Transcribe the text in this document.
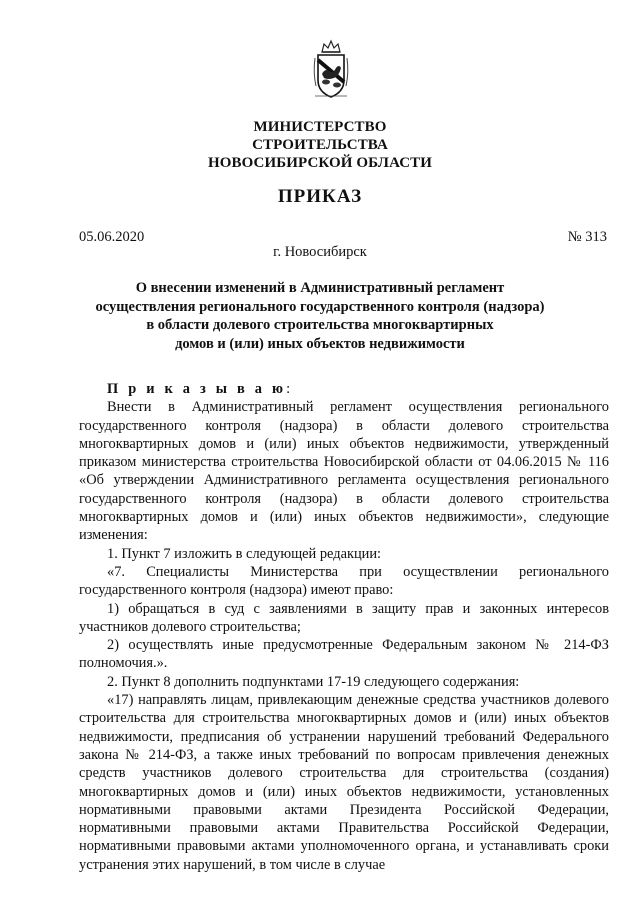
МИНИСТЕРСТВО
СТРОИТЕЛЬСТВА
НОВОСИБИРСКОЙ ОБЛАСТИ
ПРИКАЗ
05.06.2020	№ 313
г. Новосибирск
О внесении изменений в Административный регламент
осуществления регионального государственного контроля (надзора)
в области долевого строительства многоквартирных
домов и (или) иных объектов недвижимости

П р и к а з ы в а ю:

Внести в Административный регламент осуществления регионального государственного контроля (надзора) в области долевого строительства многоквартирных домов и (или) иных объектов недвижимости, утвержденный приказом министерства строительства Новосибирской области от 04.06.2015 № 116 «Об утверждении Административного регламента осуществления регионального государственного контроля (надзора) в области долевого строительства многоквартирных домов и (или) иных объектов недвижимости», следующие изменения:

1. Пункт 7 изложить в следующей редакции:

«7. Специалисты Министерства при осуществлении регионального государственного контроля (надзора) имеют право:

1) обращаться в суд с заявлениями в защиту прав и законных интересов участников долевого строительства;

2) осуществлять иные предусмотренные Федеральным законом № 214-ФЗ полномочия.».

2. Пункт 8 дополнить подпунктами 17-19 следующего содержания:

«17) направлять лицам, привлекающим денежные средства участников долевого строительства для строительства многоквартирных домов и (или) иных объектов недвижимости, предписания об устранении нарушений требований Федерального закона № 214-ФЗ, а также иных требований по вопросам привлечения денежных средств участников долевого строительства для строительства (создания) многоквартирных домов и (или) иных объектов недвижимости, установленных нормативными правовыми актами Президента Российской Федерации, нормативными правовыми актами Правительства Российской Федерации, нормативными правовыми актами уполномоченного органа, и устанавливать сроки устранения этих нарушений, в том числе в случае
